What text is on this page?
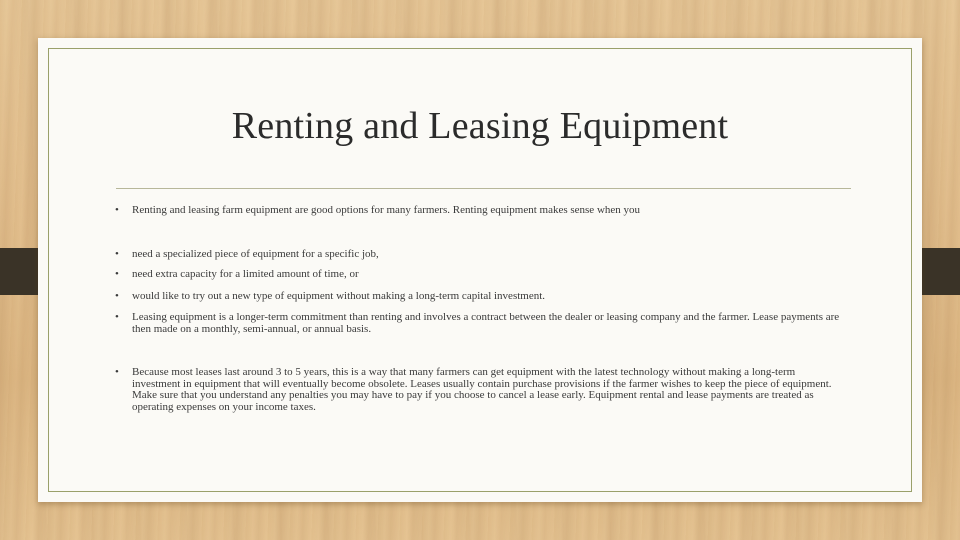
Renting and Leasing Equipment
• Renting and leasing farm equipment are good options for many farmers. Renting equipment makes sense when you
• need a specialized piece of equipment for a specific job,
• need extra capacity for a limited amount of time, or
• would like to try out a new type of equipment without making a long-term capital investment.
• Leasing equipment is a longer-term commitment than renting and involves a contract between the dealer or leasing company and the farmer. Lease payments are then made on a monthly, semi-annual, or annual basis.
• Because most leases last around 3 to 5 years, this is a way that many farmers can get equipment with the latest technology without making a long-term investment in equipment that will eventually become obsolete. Leases usually contain purchase provisions if the farmer wishes to keep the piece of equipment. Make sure that you understand any penalties you may have to pay if you choose to cancel a lease early. Equipment rental and lease payments are treated as operating expenses on your income taxes.
